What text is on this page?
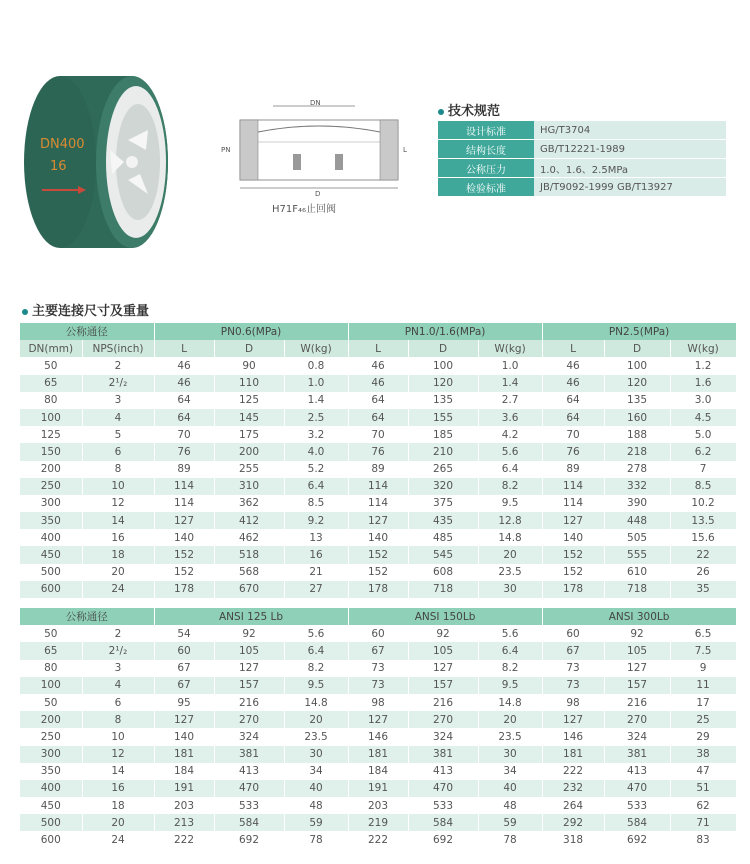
DN400
16
DN
PN
D
L
H71F₄₆止回阀
技术规范
设计标准	HG/T3704
结构长度	GB/T12221-1989
公称压力	1.0、1.6、2.5MPa
检验标准	JB/T9092-1999 GB/T13927
主要连接尺寸及重量
公称通径		PN0.6(MPa)			PN1.0/1.6(MPa)			PN2.5(MPa)		
DN(mm)	NPS(inch)	L	D	W(kg)	L	D	W(kg)	L	D	W(kg)
50	2	46	90	0.8	46	100	1.0	46	100	1.2
65	2¹/₂	46	110	1.0	46	120	1.4	46	120	1.6
80	3	64	125	1.4	64	135	2.7	64	135	3.0
100	4	64	145	2.5	64	155	3.6	64	160	4.5
125	5	70	175	3.2	70	185	4.2	70	188	5.0
150	6	76	200	4.0	76	210	5.6	76	218	6.2
200	8	89	255	5.2	89	265	6.4	89	278	7
250	10	114	310	6.4	114	320	8.2	114	332	8.5
300	12	114	362	8.5	114	375	9.5	114	390	10.2
350	14	127	412	9.2	127	435	12.8	127	448	13.5
400	16	140	462	13	140	485	14.8	140	505	15.6
450	18	152	518	16	152	545	20	152	555	22
500	20	152	568	21	152	608	23.5	152	610	26
600	24	178	670	27	178	718	30	178	718	35

公称通径		ANSI 125 Lb			ANSI 150Lb			ANSI 300Lb		
50	2	54	92	5.6	60	92	5.6	60	92	6.5
65	2¹/₂	60	105	6.4	67	105	6.4	67	105	7.5
80	3	67	127	8.2	73	127	8.2	73	127	9
100	4	67	157	9.5	73	157	9.5	73	157	11
50	6	95	216	14.8	98	216	14.8	98	216	17
200	8	127	270	20	127	270	20	127	270	25
250	10	140	324	23.5	146	324	23.5	146	324	29
300	12	181	381	30	181	381	30	181	381	38
350	14	184	413	34	184	413	34	222	413	47
400	16	191	470	40	191	470	40	232	470	51
450	18	203	533	48	203	533	48	264	533	62
500	20	213	584	59	219	584	59	292	584	71
600	24	222	692	78	222	692	78	318	692	83
